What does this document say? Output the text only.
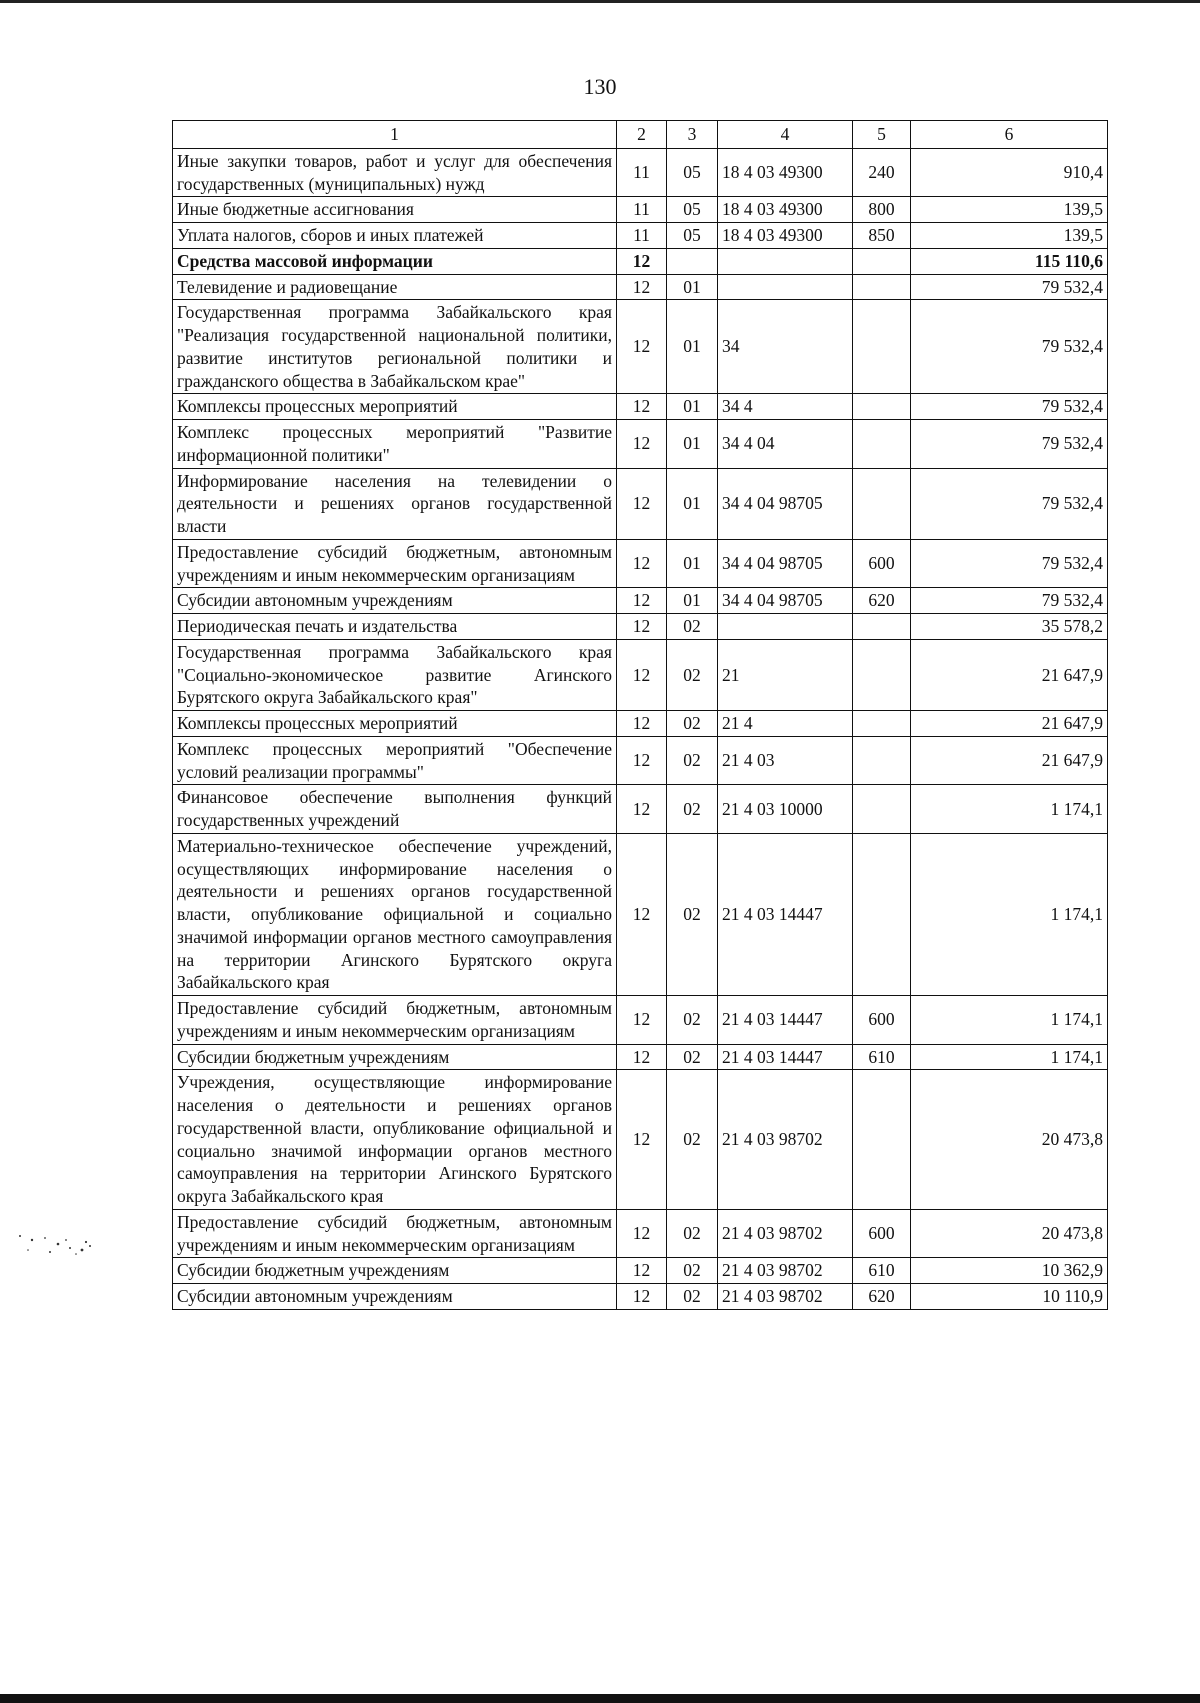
130
1	2	3	4	5	6
Иные закупки товаров, работ и услуг для обеспечения государственных (муниципальных) нужд	11	05	18 4 03 49300	240	910,4
Иные бюджетные ассигнования	11	05	18 4 03 49300	800	139,5
Уплата налогов, сборов и иных платежей	11	05	18 4 03 49300	850	139,5
Средства массовой информации	12				115 110,6
Телевидение и радиовещание	12	01			79 532,4
Государственная программа Забайкальского края "Реализация государственной национальной политики, развитие институтов региональной политики и гражданского общества в Забайкальском крае"	12	01	34		79 532,4
Комплексы процессных мероприятий	12	01	34 4		79 532,4
Комплекс процессных мероприятий "Развитие информационной политики"	12	01	34 4 04		79 532,4
Информирование населения на телевидении о деятельности и решениях органов государственной власти	12	01	34 4 04 98705		79 532,4
Предоставление субсидий бюджетным, автономным учреждениям и иным некоммерческим организациям	12	01	34 4 04 98705	600	79 532,4
Субсидии автономным учреждениям	12	01	34 4 04 98705	620	79 532,4
Периодическая печать и издательства	12	02			35 578,2
Государственная программа Забайкальского края "Социально-экономическое развитие Агинского Бурятского округа Забайкальского края"	12	02	21		21 647,9
Комплексы процессных мероприятий	12	02	21 4		21 647,9
Комплекс процессных мероприятий "Обеспечение условий реализации программы"	12	02	21 4 03		21 647,9
Финансовое обеспечение выполнения функций государственных учреждений	12	02	21 4 03 10000		1 174,1
Материально-техническое обеспечение учреждений, осуществляющих информирование населения о деятельности и решениях органов государственной власти, опубликование официальной и социально значимой информации органов местного самоуправления на территории Агинского Бурятского округа Забайкальского края	12	02	21 4 03 14447		1 174,1
Предоставление субсидий бюджетным, автономным учреждениям и иным некоммерческим организациям	12	02	21 4 03 14447	600	1 174,1
Субсидии бюджетным учреждениям	12	02	21 4 03 14447	610	1 174,1
Учреждения, осуществляющие информирование населения о деятельности и решениях органов государственной власти, опубликование официальной и социально значимой информации органов местного самоуправления на территории Агинского Бурятского округа Забайкальского края	12	02	21 4 03 98702		20 473,8
Предоставление субсидий бюджетным, автономным учреждениям и иным некоммерческим организациям	12	02	21 4 03 98702	600	20 473,8
Субсидии бюджетным учреждениям	12	02	21 4 03 98702	610	10 362,9
Субсидии автономным учреждениям	12	02	21 4 03 98702	620	10 110,9
